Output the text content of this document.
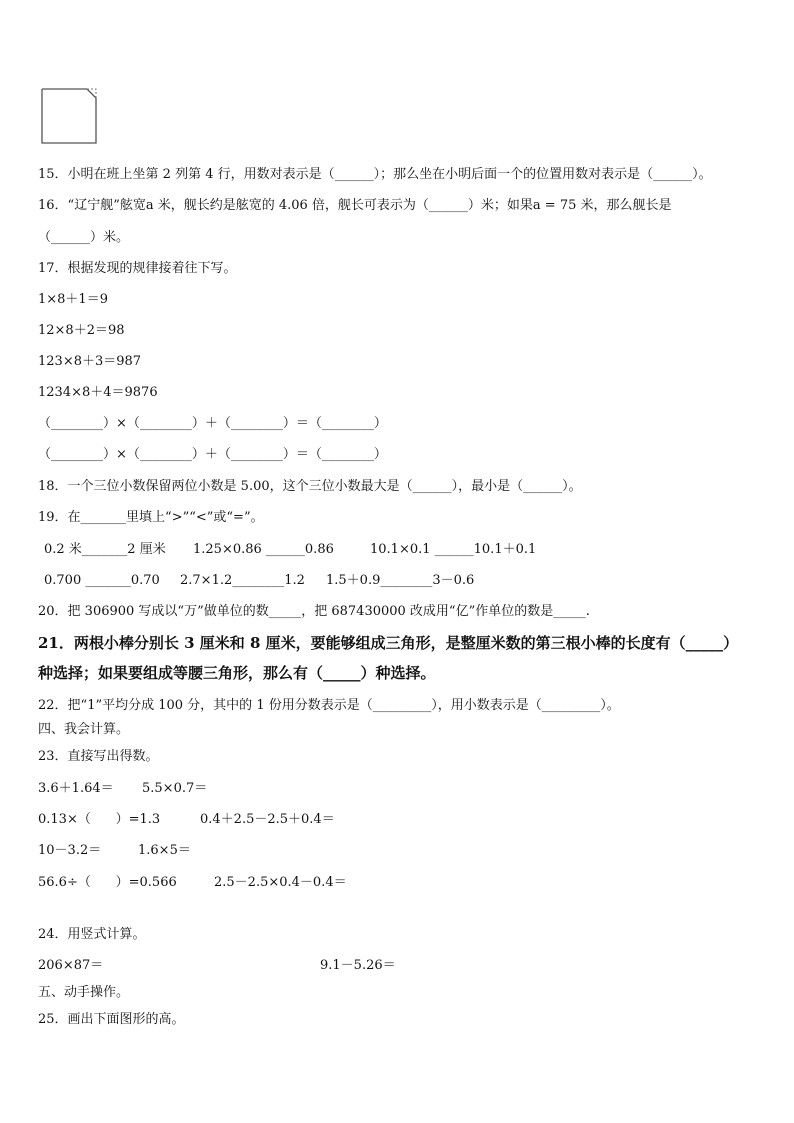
15．小明在班上坐第 2 列第 4 行，用数对表示是（______）；那么坐在小明后面一个的位置用数对表示是（______）。
16．“辽宁舰”舷宽a 米，舰长约是舷宽的 4.06 倍，舰长可表示为（______）米；如果a = 75 米，那么舰长是
（______）米。
17．根据发现的规律接着往下写。
1×8＋1＝9
12×8＋2＝98
123×8＋3＝987
1234×8＋4＝9876
（________）×（________）＋（________）＝（________）
（________）×（________）＋（________）＝（________）
18．一个三位小数保留两位小数是 5.00，这个三位小数最大是（______），最小是（______）。
19．在_______里填上“>”“<”或“=”。
0.2 米_______2 厘米 1.25×0.86 ______0.86	10.1×0.1 ______10.1＋0.1
0.700 _______0.70 2.7×1.2________1.2 1.5＋0.9________3－0.6
20．把 306900 写成以“万”做单位的数_____，把 687430000 改成用“亿”作单位的数是_____.
21．两根小棒分别长 3 厘米和 8 厘米，要能够组成三角形，是整厘米数的第三根小棒的长度有（_____）
种选择；如果要组成等腰三角形，那么有（_____）种选择。
22．把“1”平均分成 100 分，其中的 1 份用分数表示是（_________），用小数表示是（_________）。
四、我会计算。
23．直接写出得数。
3.6＋1.64＝ 5.5×0.7＝
0.13×（      ）=1.3	0.4＋2.5－2.5＋0.4＝
10－3.2＝	1.6×5＝
56.6÷（      ）=0.566	2.5－2.5×0.4－0.4＝
24．用竖式计算。
206×87＝	9.1－5.26＝
五、动手操作。
25．画出下面图形的高。
